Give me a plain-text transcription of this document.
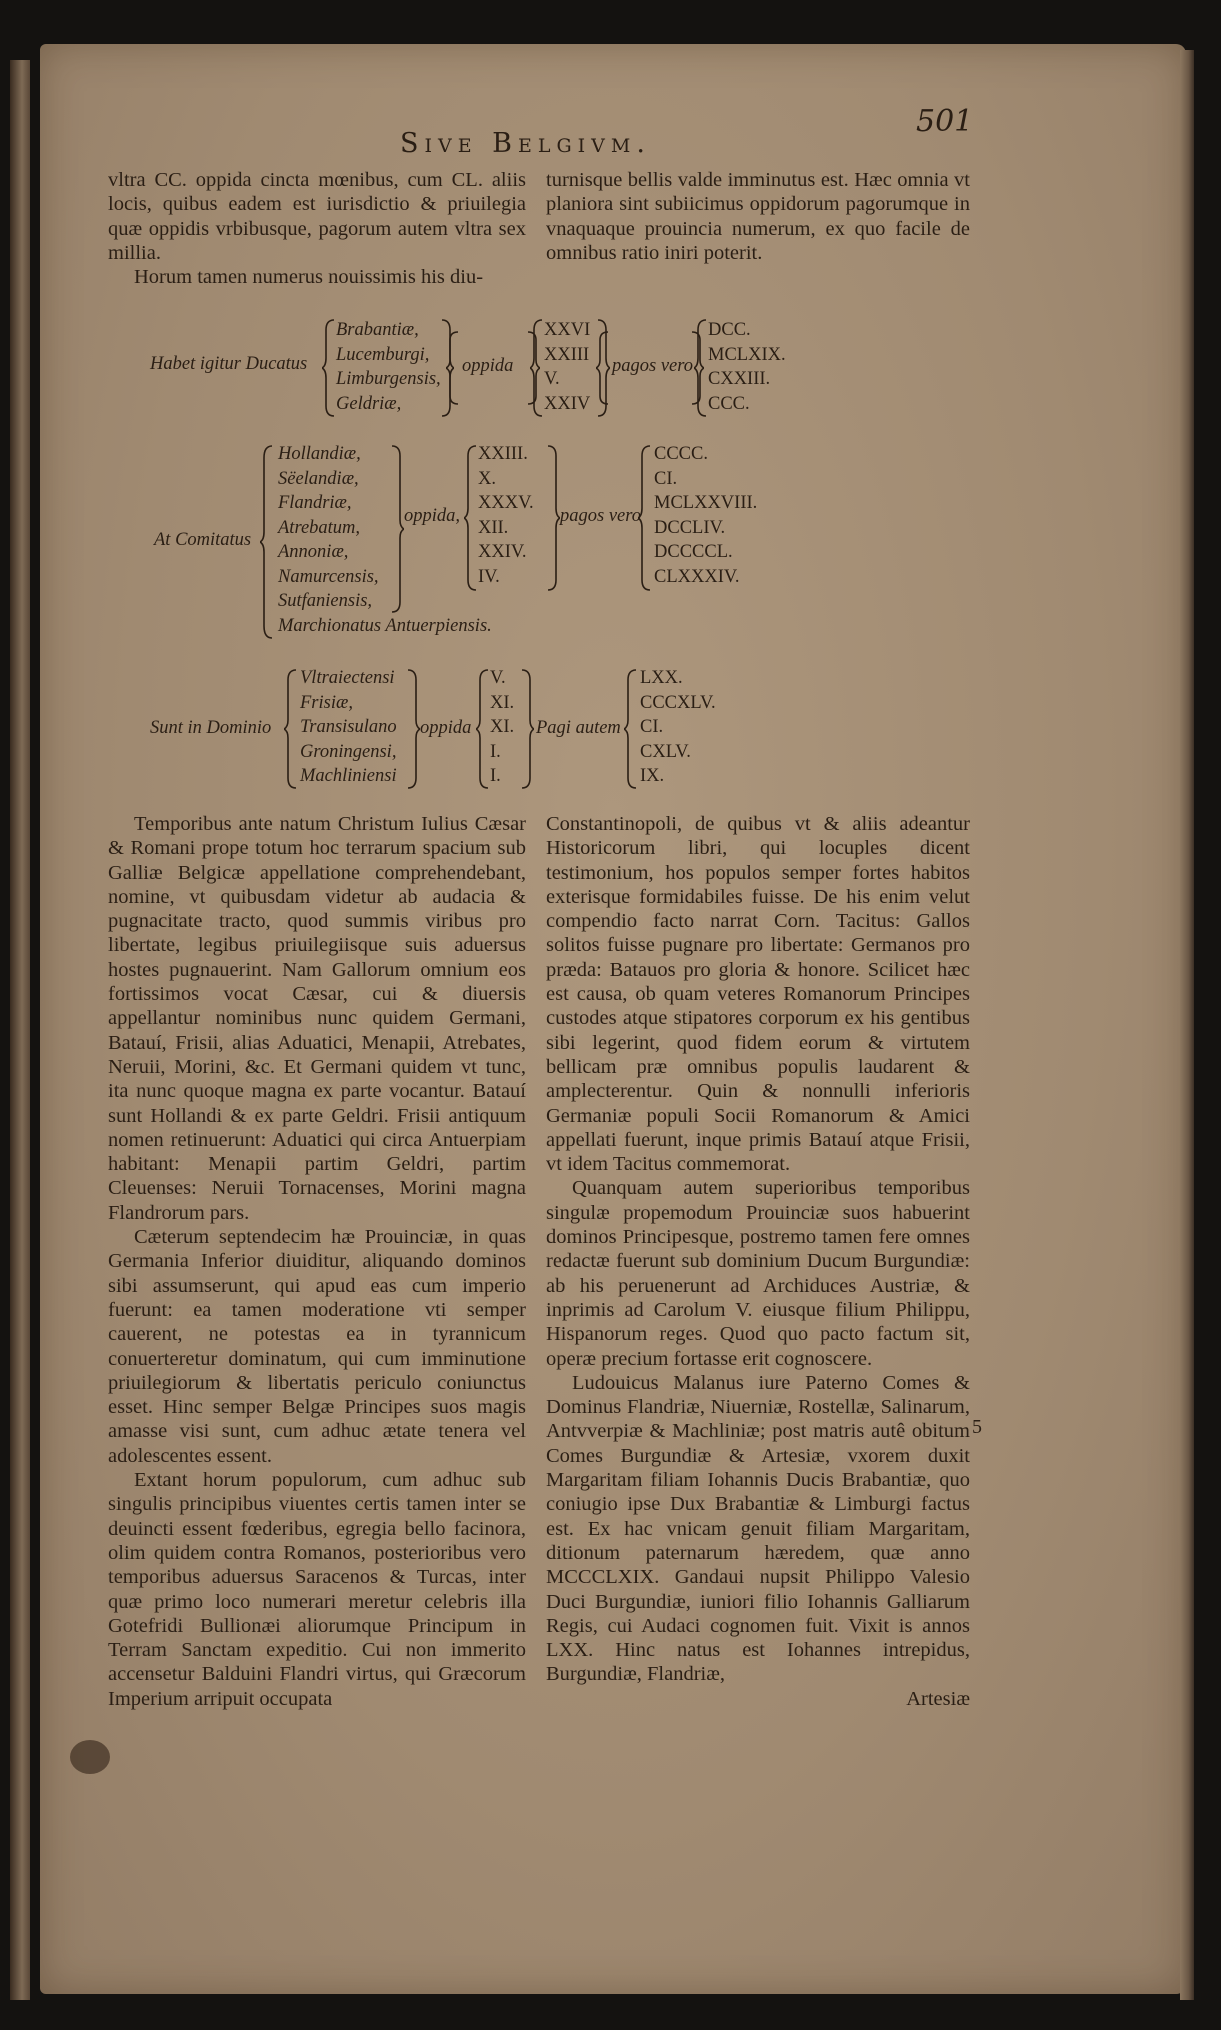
Sive Belgivm.
501

vltra CC. oppida cincta mœnibus, cum CL. aliis locis, quibus eadem est iurisdictio & priuilegia quæ oppidis vrbibusque, pagorum autem vltra sex millia.

Horum tamen numerus nouissimis his diu-

turnisque bellis valde imminutus est. Hæc omnia vt planiora sint subiicimus oppidorum pagorumque in vnaquaque prouincia numerum, ex quo facile de omnibus ratio iniri poterit.

Habet igitur Ducatus
Brabantiæ,
Lucemburgi,
Limburgensis,
Geldriæ,
oppida
XXVI
XXIII
V.
XXIV
pagos vero
DCC.
MCLXIX.
CXXIII.
CCC.
At Comitatus
Hollandiæ,
Sëelandiæ,
Flandriæ,
Atrebatum,
Annoniæ,
Namurcensis,
Sutfaniensis,
Marchionatus Antuerpiensis.
oppida,
XXIII.
X.
XXXV.
XII.
XXIV.
IV.
pagos vero
CCCC.
CI.
MCLXXVIII.
DCCLIV.
DCCCCL.
CLXXXIV.
Sunt in Dominio
Vltraiectensi
Frisiæ,
Transisulano
Groningensi,
Machliniensi
oppida
V.
XI.
XI.
I.
I.
Pagi autem
LXX.
CCCXLV.
CI.
CXLV.
IX.

Temporibus ante natum Christum Iulius Cæsar & Romani prope totum hoc terrarum spacium sub Galliæ Belgicæ appellatione comprehendebant, nomine, vt quibusdam videtur ab audacia & pugnacitate tracto, quod summis viribus pro libertate, legibus priuilegiisque suis aduersus hostes pugnauerint. Nam Gallorum omnium eos fortissimos vocat Cæsar, cui & diuersis appellantur nominibus nunc quidem Germani, Batauí, Frisii, alias Aduatici, Menapii, Atrebates, Neruii, Morini, &c. Et Germani quidem vt tunc, ita nunc quoque magna ex parte vocantur. Batauí sunt Hollandi & ex parte Geldri. Frisii antiquum nomen retinuerunt: Aduatici qui circa Antuerpiam habitant: Menapii partim Geldri, partim Cleuenses: Neruii Tornacenses, Morini magna Flandrorum pars.

Cæterum septendecim hæ Prouinciæ, in quas Germania Inferior diuiditur, aliquando dominos sibi assumserunt, qui apud eas cum imperio fuerunt: ea tamen moderatione vti semper cauerent, ne potestas ea in tyrannicum conuerteretur dominatum, qui cum imminutione priuilegiorum & libertatis periculo coniunctus esset. Hinc semper Belgæ Principes suos magis amasse visi sunt, cum adhuc ætate tenera vel adolescentes essent.

Extant horum populorum, cum adhuc sub singulis principibus viuentes certis tamen inter se deuincti essent fœderibus, egregia bello facinora, olim quidem contra Romanos, posterioribus vero temporibus aduersus Saracenos & Turcas, inter quæ primo loco numerari meretur celebris illa Gotefridi Bullionæi aliorumque Principum in Terram Sanctam expeditio. Cui non immerito accensetur Balduini Flandri virtus, qui Græcorum Imperium arripuit occupata

Constantinopoli, de quibus vt & aliis adeantur Historicorum libri, qui locuples dicent testimonium, hos populos semper fortes habitos exterisque formidabiles fuisse. De his enim velut compendio facto narrat Corn. Tacitus: Gallos solitos fuisse pugnare pro libertate: Germanos pro præda: Batauos pro gloria & honore. Scilicet hæc est causa, ob quam veteres Romanorum Principes custodes atque stipatores corporum ex his gentibus sibi legerint, quod fidem eorum & virtutem bellicam præ omnibus populis laudarent & amplecterentur. Quin & nonnulli inferioris Germaniæ populi Socii Romanorum & Amici appellati fuerunt, inque primis Batauí atque Frisii, vt idem Tacitus commemorat.

Quanquam autem superioribus temporibus singulæ propemodum Prouinciæ suos habuerint dominos Principesque, postremo tamen fere omnes redactæ fuerunt sub dominium Ducum Burgundiæ: ab his peruenerunt ad Archiduces Austriæ, & inprimis ad Carolum V. eiusque filium Philippu, Hispanorum reges. Quod quo pacto factum sit, operæ precium fortasse erit cognoscere.

Ludouicus Malanus iure Paterno Comes & Dominus Flandriæ, Niuerniæ, Rostellæ, Salinarum, Antvverpiæ & Machliniæ; post matris autê obitum Comes Burgundiæ & Artesiæ, vxorem duxit Margaritam filiam Iohannis Ducis Brabantiæ, quo coniugio ipse Dux Brabantiæ & Limburgi factus est. Ex hac vnicam genuit filiam Margaritam, ditionum paternarum hæredem, quæ anno MCCCLXIX. Gandaui nupsit Philippo Valesio Duci Burgundiæ, iuniori filio Iohannis Galliarum Regis, cui Audaci cognomen fuit. Vixit is annos LXX. Hinc natus est Iohannes intrepidus, Burgundiæ, Flandriæ,

Artesiæ
5
